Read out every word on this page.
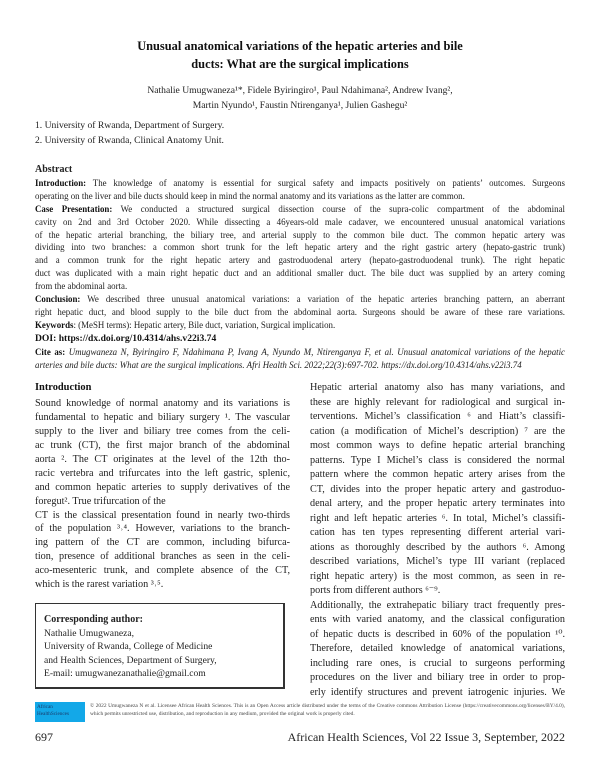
Unusual anatomical variations of the hepatic arteries and bile
ducts: What are the surgical implications
Nathalie Umugwaneza¹*, Fidele Byiringiro¹, Paul Ndahimana², Andrew Ivang²,
Martin Nyundo¹, Faustin Ntirenganya¹, Julien Gashegu²
1. University of Rwanda, Department of Surgery.
2. University of Rwanda, Clinical Anatomy Unit.
Abstract
Introduction: The knowledge of anatomy is essential for surgical safety and impacts positively on patients’ outcomes. Surgeons
operating on the liver and bile ducts should keep in mind the normal anatomy and its variations as the latter are common.
Case Presentation: We conducted a structured surgical dissection course of the supra-colic compartment of the abdominal
cavity on 2nd and 3rd October 2020. While dissecting a 46years-old male cadaver, we encountered unusual anatomical variations
of the hepatic arterial branching, the biliary tree, and arterial supply to the common bile duct. The common hepatic artery was
dividing into two branches: a common short trunk for the left hepatic artery and the right gastric artery (hepato-gastric trunk)
and a common trunk for the right hepatic artery and gastroduodenal artery (hepato-gastroduodenal trunk). The right hepatic
duct was duplicated with a main right hepatic duct and an additional smaller duct. The bile duct was supplied by an artery coming
from the abdominal aorta.
Conclusion: We described three unusual anatomical variations: a variation of the hepatic arteries branching pattern, an aberrant
right hepatic duct, and blood supply to the bile duct from the abdominal aorta. Surgeons should be aware of these rare variations.
Keywords: (MeSH terms): Hepatic artery, Bile duct, variation, Surgical implication.
DOI: https://dx.doi.org/10.4314/ahs.v22i3.74
Cite as: Umugwaneza N, Byiringiro F, Ndahimana P, Ivang A, Nyundo M, Ntirenganya F, et al. Unusual anatomical variations of the hepatic
arteries and bile ducts: What are the surgical implications. Afri Health Sci. 2022;22(3):697-702. https://dx.doi.org/10.4314/ahs.v22i3.74
Introduction
Sound knowledge of normal anatomy and its variations is
fundamental to hepatic and biliary surgery ¹. The vascular
supply to the liver and biliary tree comes from the celi-
ac trunk (CT), the first major branch of the abdominal
aorta ². The CT originates at the level of the 12th tho-
racic vertebra and trifurcates into the left gastric, splenic,
and common hepatic arteries to supply derivatives of the
foregut². True trifurcation of the
CT is the classical presentation found in nearly two-thirds
of the population ³˒⁴. However, variations to the branch-
ing pattern of the CT are common, including bifurca-
tion, presence of additional branches as seen in the celi-
aco-mesenteric trunk, and complete absence of the CT,
which is the rarest variation ³˒⁵.
Hepatic arterial anatomy also has many variations, and
these are highly relevant for radiological and surgical in-
terventions. Michel’s classification ⁶ and Hiatt’s classifi-
cation (a modification of Michel’s description) ⁷ are the
most common ways to define hepatic arterial branching
patterns. Type I Michel’s class is considered the normal
pattern where the common hepatic artery arises from the
CT, divides into the proper hepatic artery and gastroduo-
denal artery, and the proper hepatic artery terminates into
right and left hepatic arteries ⁶. In total, Michel’s classifi-
cation has ten types representing different arterial vari-
ations as thoroughly described by the authors ⁶. Among
described variations, Michel’s type III variant (replaced
right hepatic artery) is the most common, as seen in re-
ports from different authors ⁶⁻⁹.
Additionally, the extrahepatic biliary tract frequently pres-
ents with varied anatomy, and the classical configuration
of hepatic ducts is described in 60% of the population ¹⁰.
Therefore, detailed knowledge of anatomical variations,
including rare ones, is crucial to surgeons performing
procedures on the liver and biliary tree in order to prop-
erly identify structures and prevent iatrogenic injuries. We
Corresponding author:
Nathalie Umugwaneza,
University of Rwanda, College of Medicine
and Health Sciences, Department of Surgery,
E-mail: umugwanezanathalie@gmail.com
African
HealthSciences
© 2022 Umugwaneza N et al. Licensee African Health Sciences. This is an Open Access article distributed under the terms of the Creative commons Attribution License (https://creativecommons.org/licenses/BY/4.0), which permits unrestricted use, distribution, and reproduction in any medium, provided the original work is properly cited.
697	African Health Sciences, Vol 22 Issue 3, September, 2022
